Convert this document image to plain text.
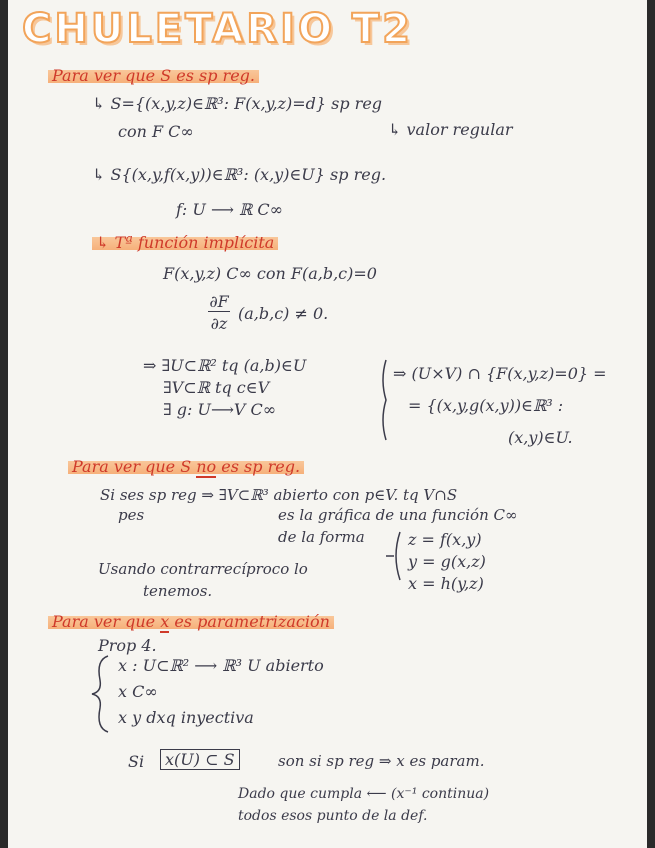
CHULETARIO T2
Para ver que S es sp reg.
↳ S={(x,y,z)∈ℝ³: F(x,y,z)=d} sp reg
con F C∞	↳ valor regular
↳ S{(x,y,f(x,y))∈ℝ³: (x,y)∈U} sp reg.
f: U ⟶ ℝ C∞
↳ Tª función implícita
F(x,y,z) C∞ con F(a,b,c)=0
∂F
∂z
(a,b,c) ≠ 0.
⇒ ∃U⊂ℝ² tq (a,b)∈U
∃V⊂ℝ tq c∈V
∃ g: U⟶V C∞
⇒ (U×V) ∩ {F(x,y,z)=0} =
= {(x,y,g(x,y))∈ℝ³ :
(x,y)∈U.
Para ver que S no es sp reg.
Si ses sp reg ⇒ ∃V⊂ℝ³ abierto con p∈V. tq V∩S
pes	es la gráfica de una función C∞
de la forma	z = f(x,y)
y = g(x,z)
x = h(y,z)
Usando contrarrecíproco lo
tenemos.
Para ver que x es parametrización
Prop 4.
x : U⊂ℝ² ⟶ ℝ³ U abierto
x C∞
x y dxq inyectiva
Si	x(U) ⊂ S	son si sp reg ⇒ x es param.
Dado que cumpla ⟵ (x⁻¹ continua)
todos esos punto de la def.
